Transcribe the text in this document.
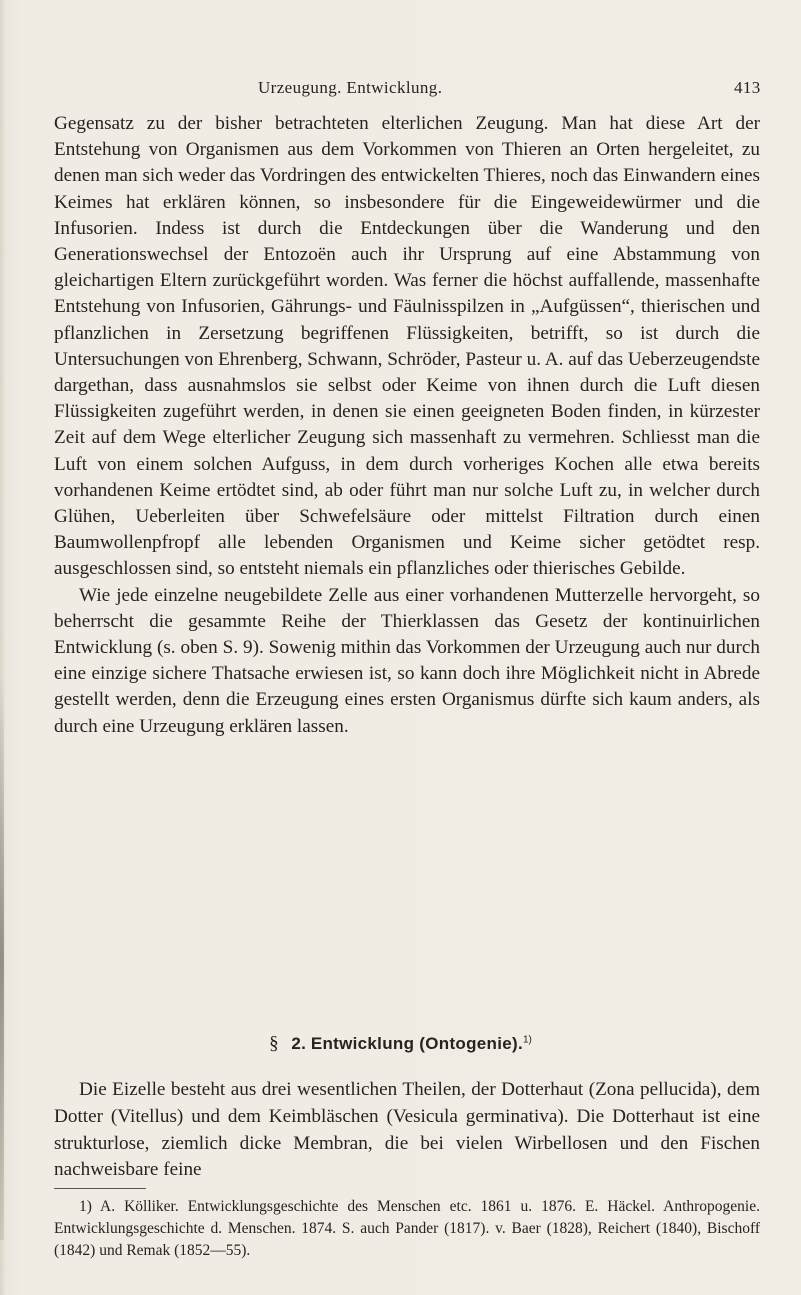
Urzeugung. Entwicklung.	413

Gegensatz zu der bisher betrachteten elterlichen Zeugung. Man hat diese Art der Entstehung von Organismen aus dem Vorkommen von Thieren an Orten hergeleitet, zu denen man sich weder das Vordringen des entwickelten Thieres, noch das Einwandern eines Keimes hat erklären können, so insbesondere für die Eingeweidewürmer und die Infusorien. Indess ist durch die Entdeckungen über die Wanderung und den Generationswechsel der Entozoën auch ihr Ursprung auf eine Abstammung von gleichartigen Eltern zurückgeführt worden. Was ferner die höchst auffallende, massenhafte Entstehung von Infusorien, Gährungs- und Fäulnisspilzen in „Aufgüssen“, thierischen und pflanzlichen in Zersetzung begriffenen Flüssigkeiten, betrifft, so ist durch die Untersuchungen von Ehrenberg, Schwann, Schröder, Pasteur u. A. auf das Ueberzeugendste dargethan, dass ausnahmslos sie selbst oder Keime von ihnen durch die Luft diesen Flüssigkeiten zugeführt werden, in denen sie einen geeigneten Boden finden, in kürzester Zeit auf dem Wege elterlicher Zeugung sich massenhaft zu vermehren. Schliesst man die Luft von einem solchen Aufguss, in dem durch vorheriges Kochen alle etwa bereits vorhandenen Keime ertödtet sind, ab oder führt man nur solche Luft zu, in welcher durch Glühen, Ueberleiten über Schwefelsäure oder mittelst Filtration durch einen Baumwollenpfropf alle lebenden Organismen und Keime sicher getödtet resp. ausgeschlossen sind, so entsteht niemals ein pflanzliches oder thierisches Gebilde.

Wie jede einzelne neugebildete Zelle aus einer vorhandenen Mutterzelle hervorgeht, so beherrscht die gesammte Reihe der Thierklassen das Gesetz der kontinuirlichen Entwicklung (s. oben S. 9). Sowenig mithin das Vorkommen der Urzeugung auch nur durch eine einzige sichere Thatsache erwiesen ist, so kann doch ihre Möglichkeit nicht in Abrede gestellt werden, denn die Erzeugung eines ersten Organismus dürfte sich kaum anders, als durch eine Urzeugung erklären lassen.

§ 2. Entwicklung (Ontogenie).$^{1)}$

Die Eizelle besteht aus drei wesentlichen Theilen, der Dotterhaut (Zona pellucida), dem Dotter (Vitellus) und dem Keimbläschen (Vesicula germinativa). Die Dotterhaut ist eine strukturlose, ziemlich dicke Membran, die bei vielen Wirbellosen und den Fischen nachweisbare feine

1) A. Kölliker. Entwicklungsgeschichte des Menschen etc. 1861 u. 1876. E. Häckel. Anthropogenie. Entwicklungsgeschichte d. Menschen. 1874. S. auch Pander (1817). v. Baer (1828), Reichert (1840), Bischoff (1842) und Remak (1852—55).
